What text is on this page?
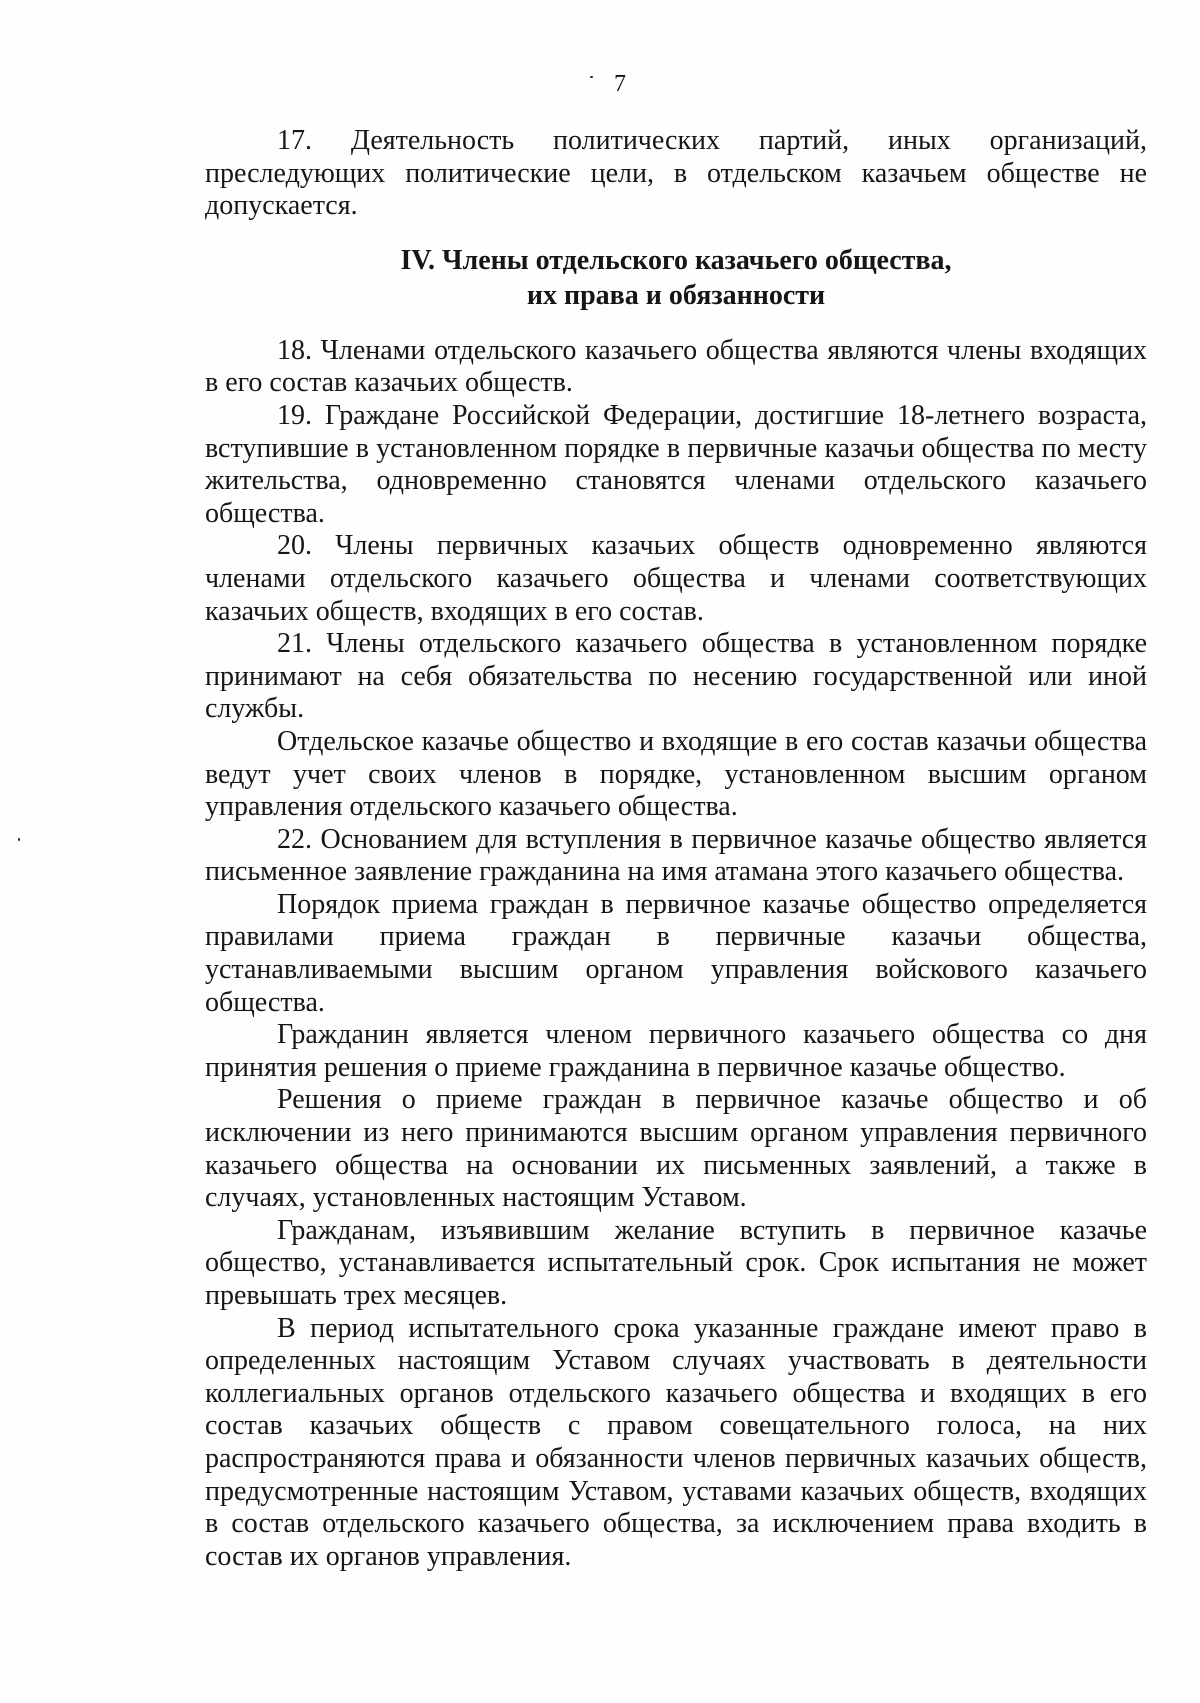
7

17. Деятельность политических партий, иных организаций, преследующих политические цели, в отдельском казачьем обществе не допускается.

IV. Члены отдельского казачьего общества,

их права и обязанности

18. Членами отдельского казачьего общества являются члены входящих в его состав казачьих обществ.

19. Граждане Российской Федерации, достигшие 18-летнего возраста, вступившие в установленном порядке в первичные казачьи общества по месту жительства, одновременно становятся членами отдельского казачьего общества.

20. Члены первичных казачьих обществ одновременно являются членами отдельского казачьего общества и членами соответствующих казачьих обществ, входящих в его состав.

21. Члены отдельского казачьего общества в установленном порядке принимают на себя обязательства по несению государственной или иной службы.

Отдельское казачье общество и входящие в его состав казачьи общества ведут учет своих членов в порядке, установленном высшим органом управления отдельского казачьего общества.

22. Основанием для вступления в первичное казачье общество является письменное заявление гражданина на имя атамана этого казачьего общества.

Порядок приема граждан в первичное казачье общество определяется правилами приема граждан в первичные казачьи общества, устанавливаемыми высшим органом управления войскового казачьего общества.

Гражданин является членом первичного казачьего общества со дня принятия решения о приеме гражданина в первичное казачье общество.

Решения о приеме граждан в первичное казачье общество и об исключении из него принимаются высшим органом управления первичного казачьего общества на основании их письменных заявлений, а также в случаях, установленных настоящим Уставом.

Гражданам, изъявившим желание вступить в первичное казачье общество, устанавливается испытательный срок. Срок испытания не может превышать трех месяцев.

В период испытательного срока указанные граждане имеют право в определенных настоящим Уставом случаях участвовать в деятельности коллегиальных органов отдельского казачьего общества и входящих в его состав казачьих обществ с правом совещательного голоса, на них распространяются права и обязанности членов первичных казачьих обществ, предусмотренные настоящим Уставом, уставами казачьих обществ, входящих в состав отдельского казачьего общества, за исключением права входить в состав их органов управления.
